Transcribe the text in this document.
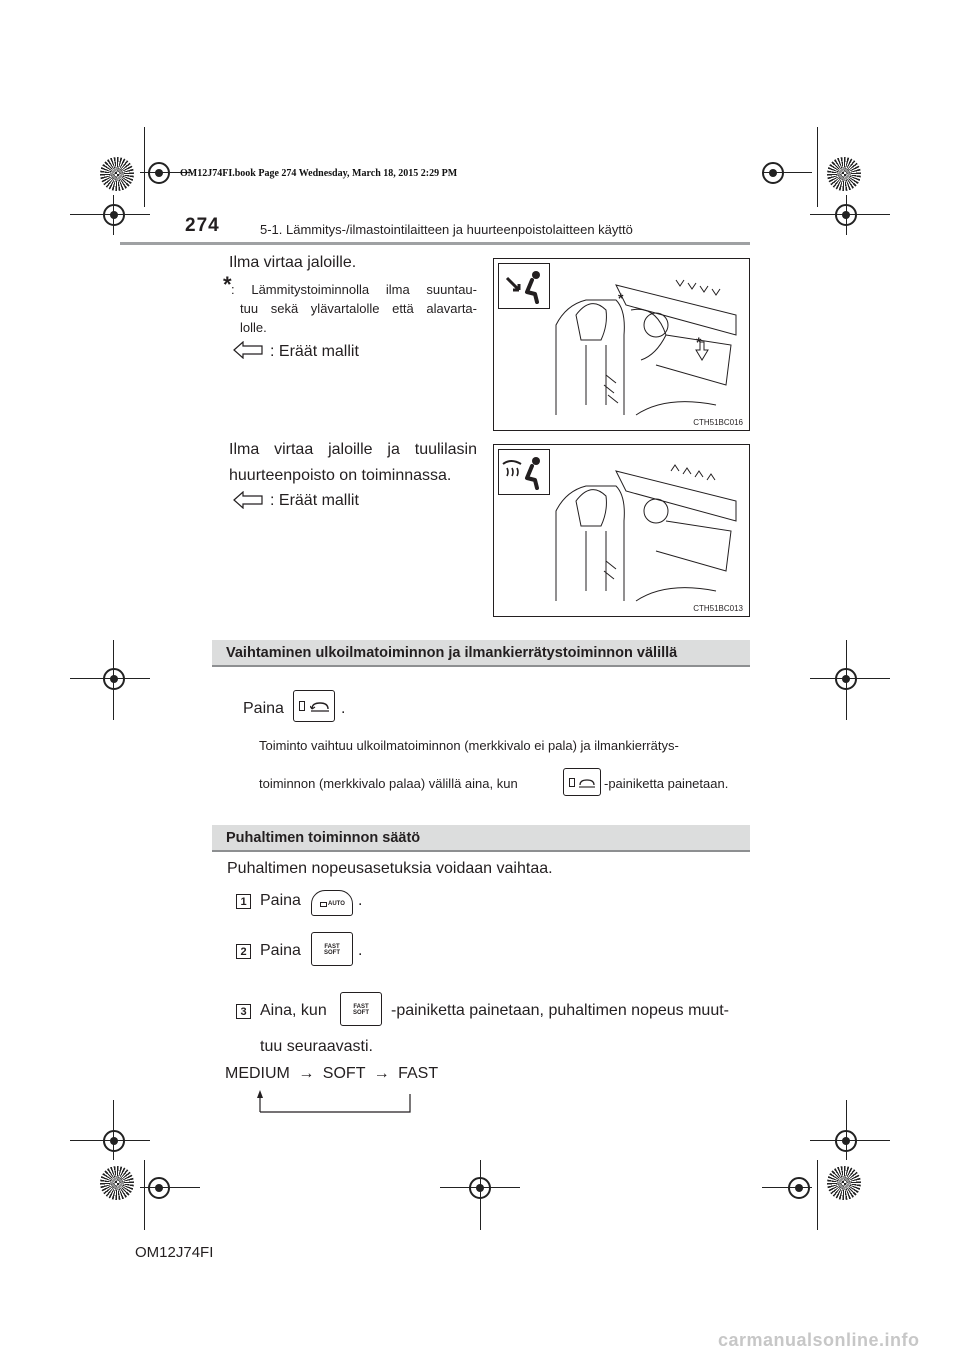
OM12J74FI.book Page 274 Wednesday, March 18, 2015 2:29 PM
274	5-1. Lämmitys-/ilmastointilaitteen ja huurteenpoistolaitteen käyttö
Ilma virtaa jaloille.
* : Lämmitystoiminnolla ilma suuntau-
tuu sekä ylävartalolle että alavarta-
lolle.
: Eräät mallit
*
*
CTH51BC016
Ilma virtaa jaloille ja tuulilasin
huurteenpoisto on toiminnassa.
: Eräät mallit
CTH51BC013
Vaihtaminen ulkoilmatoiminnon ja ilmankierrätystoiminnon välillä
Paina	.
Toiminto vaihtuu ulkoilmatoiminnon (merkkivalo ei pala) ja ilmankierrätys-
toiminnon (merkkivalo palaa) välillä aina, kun	-painiketta painetaan.
Puhaltimen toiminnon säätö
Puhaltimen nopeusasetuksia voidaan vaihtaa.
1 Paina	AUTO .
2 Paina	FAST
SOFT	.
3 Aina, kun	FAST
SOFT	-painiketta painetaan, puhaltimen nopeus muut-
tuu seuraavasti.
MEDIUM → SOFT → FAST
OM12J74FI
carmanualsonline.info
